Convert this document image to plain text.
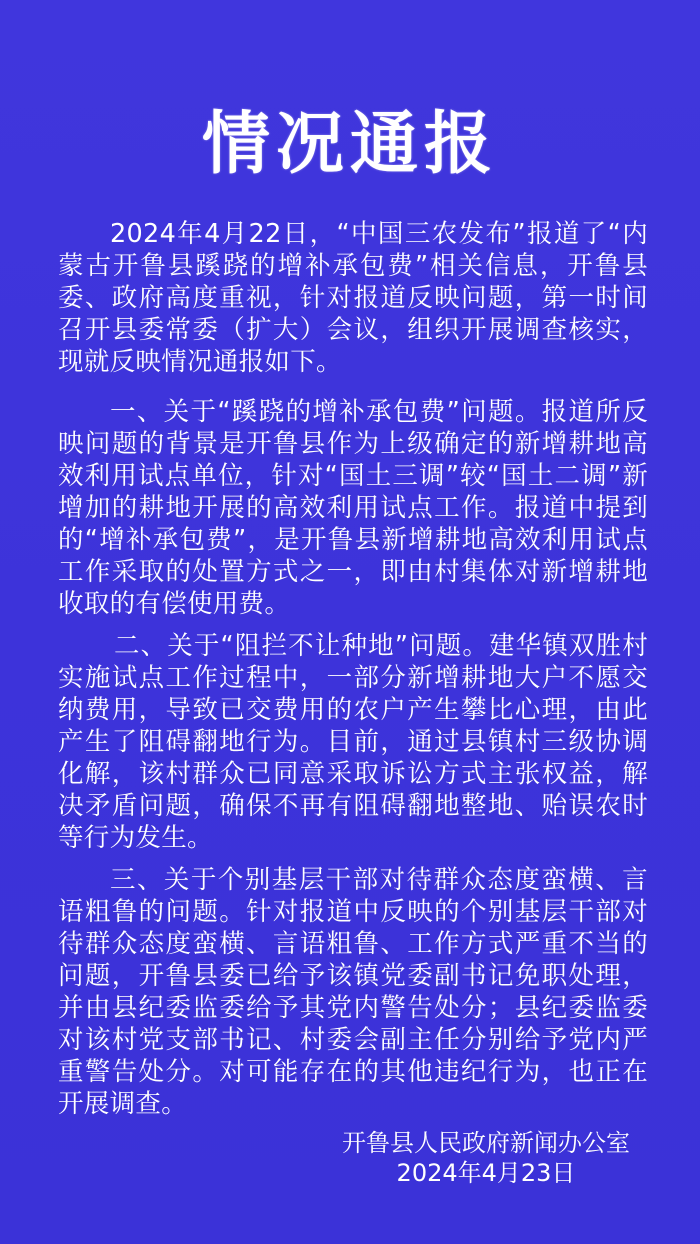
情况通报
2024年4月22日，“中国三农发布”报道了“内蒙古开鲁县蹊跷的增补承包费”相关信息，开鲁县委、政府高度重视，针对报道反映问题，第一时间召开县委常委（扩大）会议，组织开展调查核实，现就反映情况通报如下。
一、关于“蹊跷的增补承包费”问题。报道所反映问题的背景是开鲁县作为上级确定的新增耕地高效利用试点单位，针对“国土三调”较“国土二调”新增加的耕地开展的高效利用试点工作。报道中提到的“增补承包费”，是开鲁县新增耕地高效利用试点工作采取的处置方式之一，即由村集体对新增耕地收取的有偿使用费。
二、关于“阻拦不让种地”问题。建华镇双胜村实施试点工作过程中，一部分新增耕地大户不愿交纳费用，导致已交费用的农户产生攀比心理，由此产生了阻碍翻地行为。目前，通过县镇村三级协调化解，该村群众已同意采取诉讼方式主张权益，解决矛盾问题，确保不再有阻碍翻地整地、贻误农时等行为发生。
三、关于个别基层干部对待群众态度蛮横、言语粗鲁的问题。针对报道中反映的个别基层干部对待群众态度蛮横、言语粗鲁、工作方式严重不当的问题，开鲁县委已给予该镇党委副书记免职处理，并由县纪委监委给予其党内警告处分；县纪委监委对该村党支部书记、村委会副主任分别给予党内严重警告处分。对可能存在的其他违纪行为，也正在开展调查。
开鲁县人民政府新闻办公室
2024年4月23日
